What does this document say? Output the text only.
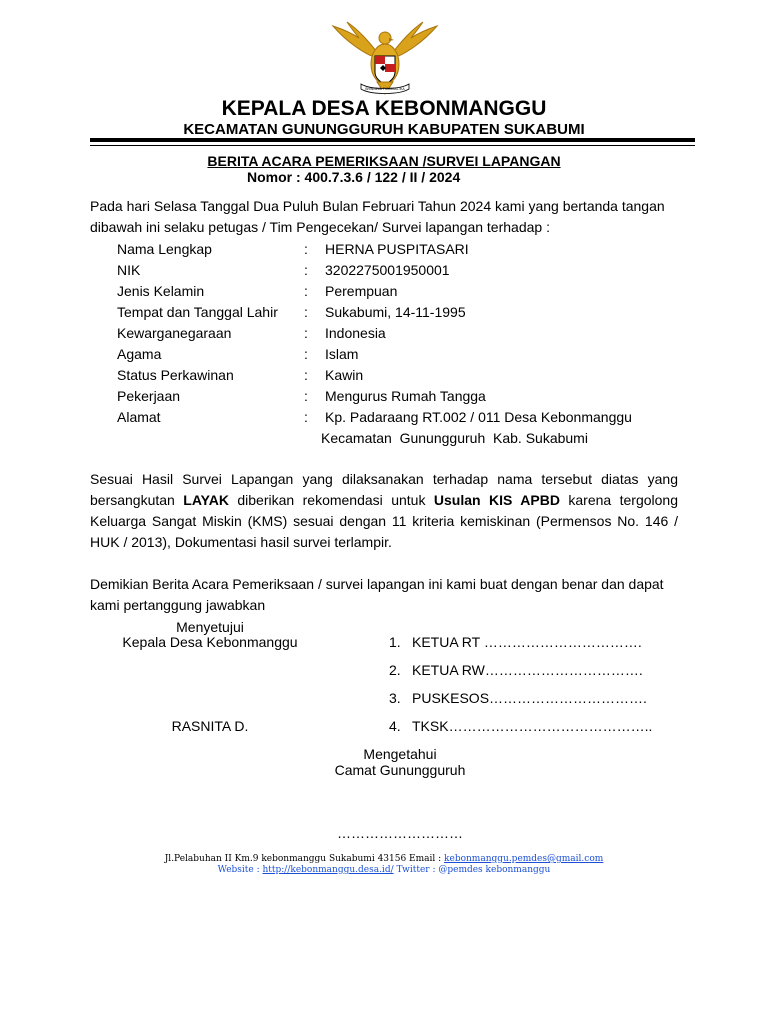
BHINNEKA TUNGGAL IKA
KEPALA DESA KEBONMANGGU
KECAMATAN GUNUNGGURUH KABUPATEN SUKABUMI
BERITA ACARA PEMERIKSAAN /SURVEI LAPANGAN
Nomor : 400.7.3.6 / 122 / II / 2024
Pada hari Selasa Tanggal Dua Puluh Bulan Februari Tahun 2024 kami yang bertanda tangan dibawah ini selaku petugas / Tim Pengecekan/ Survei lapangan terhadap :
Nama Lengkap	: HERNA PUSPITASARI
NIK	: 3202275001950001
Jenis Kelamin	: Perempuan
Tempat dan Tanggal Lahir : Sukabumi, 14-11-1995
Kewarganegaraan	: Indonesia
Agama	: Islam
Status Perkawinan	: Kawin
Pekerjaan	: Mengurus Rumah Tangga
Alamat	: Kp. Padaraang RT.002 / 011 Desa Kebonmanggu
Kecamatan  Gunungguruh  Kab. Sukabumi
Sesuai Hasil Survei Lapangan yang dilaksanakan terhadap nama tersebut diatas yang bersangkutan LAYAK diberikan rekomendasi untuk Usulan KIS APBD karena tergolong Keluarga Sangat Miskin (KMS) sesuai dengan 11 kriteria kemiskinan (Permensos No. 146 / HUK / 2013), Dokumentasi hasil survei terlampir.
Demikian Berita Acara Pemeriksaan / survei lapangan ini kami buat dengan benar dan dapat kami pertanggung jawabkan
Menyetujui
Kepala Desa Kebonmanggu
RASNITA D.
1. KETUA RT …………………………….
2. KETUA RW…………………………….
3. PUSKESOS…………………………….
4. TKSK……………………………………..
Mengetahui
Camat Gunungguruh
………………………
Jl.Pelabuhan II Km.9 kebonmanggu Sukabumi 43156 Email : kebonmanggu.pemdes@gmail.com
Website : http://kebonmanggu.desa.id/ Twitter : @pemdes kebonmanggu
